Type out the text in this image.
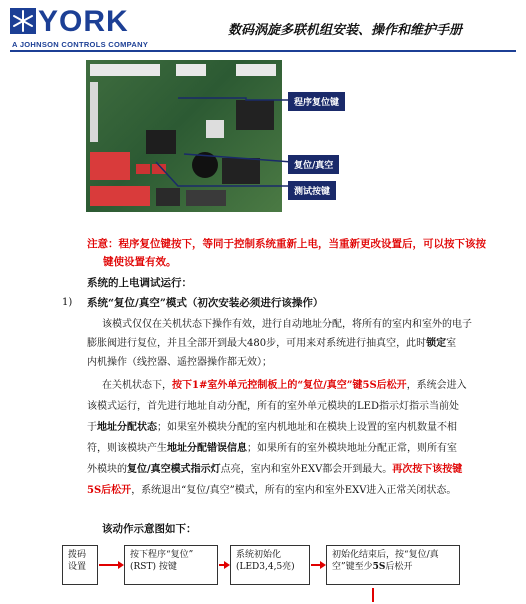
YORK
A JOHNSON CONTROLS COMPANY
数码涡旋多联机组安装、操作和维护手册
程序复位键
复位/真空
测试按键
注意：程序复位键按下，等同于控制系统重新上电，当重新更改设置后，可以按下该按
键使设置有效。
系统的上电调试运行：
1) 系统“复位/真空”模式（初次安装必须进行该操作）
该模式仅仅在关机状态下操作有效，进行自动地址分配，将所有的室内和室外的电子
膨胀阀进行复位，并且全部开到最大480步，可用来对系统进行抽真空，此时锁定室
内机操作（线控器、遥控器操作都无效）；
在关机状态下，按下1#室外单元控制板上的“复位/真空”键5S后松开，系统会进入
该模式运行，首先进行地址自动分配，所有的室外单元模块的LED指示灯指示当前处
于地址分配状态；如果室外模块分配的室内机地址和在模块上设置的室内机数量不相
符，则该模块产生地址分配错误信息；如果所有的室外模块地址分配正常，则所有室
外模块的复位/真空模式指示灯点亮，室内和室外EXV都会开到最大。再次按下该按键
5S后松开，系统退出“复位/真空”模式，所有的室内和室外EXV进入正常关闭状态。
该动作示意图如下：
拨码设置
按下程序“复位”
(RST) 按键
系统初始化
(LED3,4,5亮)
初始化结束后，按“复位/真
空”键至少5S后松开
